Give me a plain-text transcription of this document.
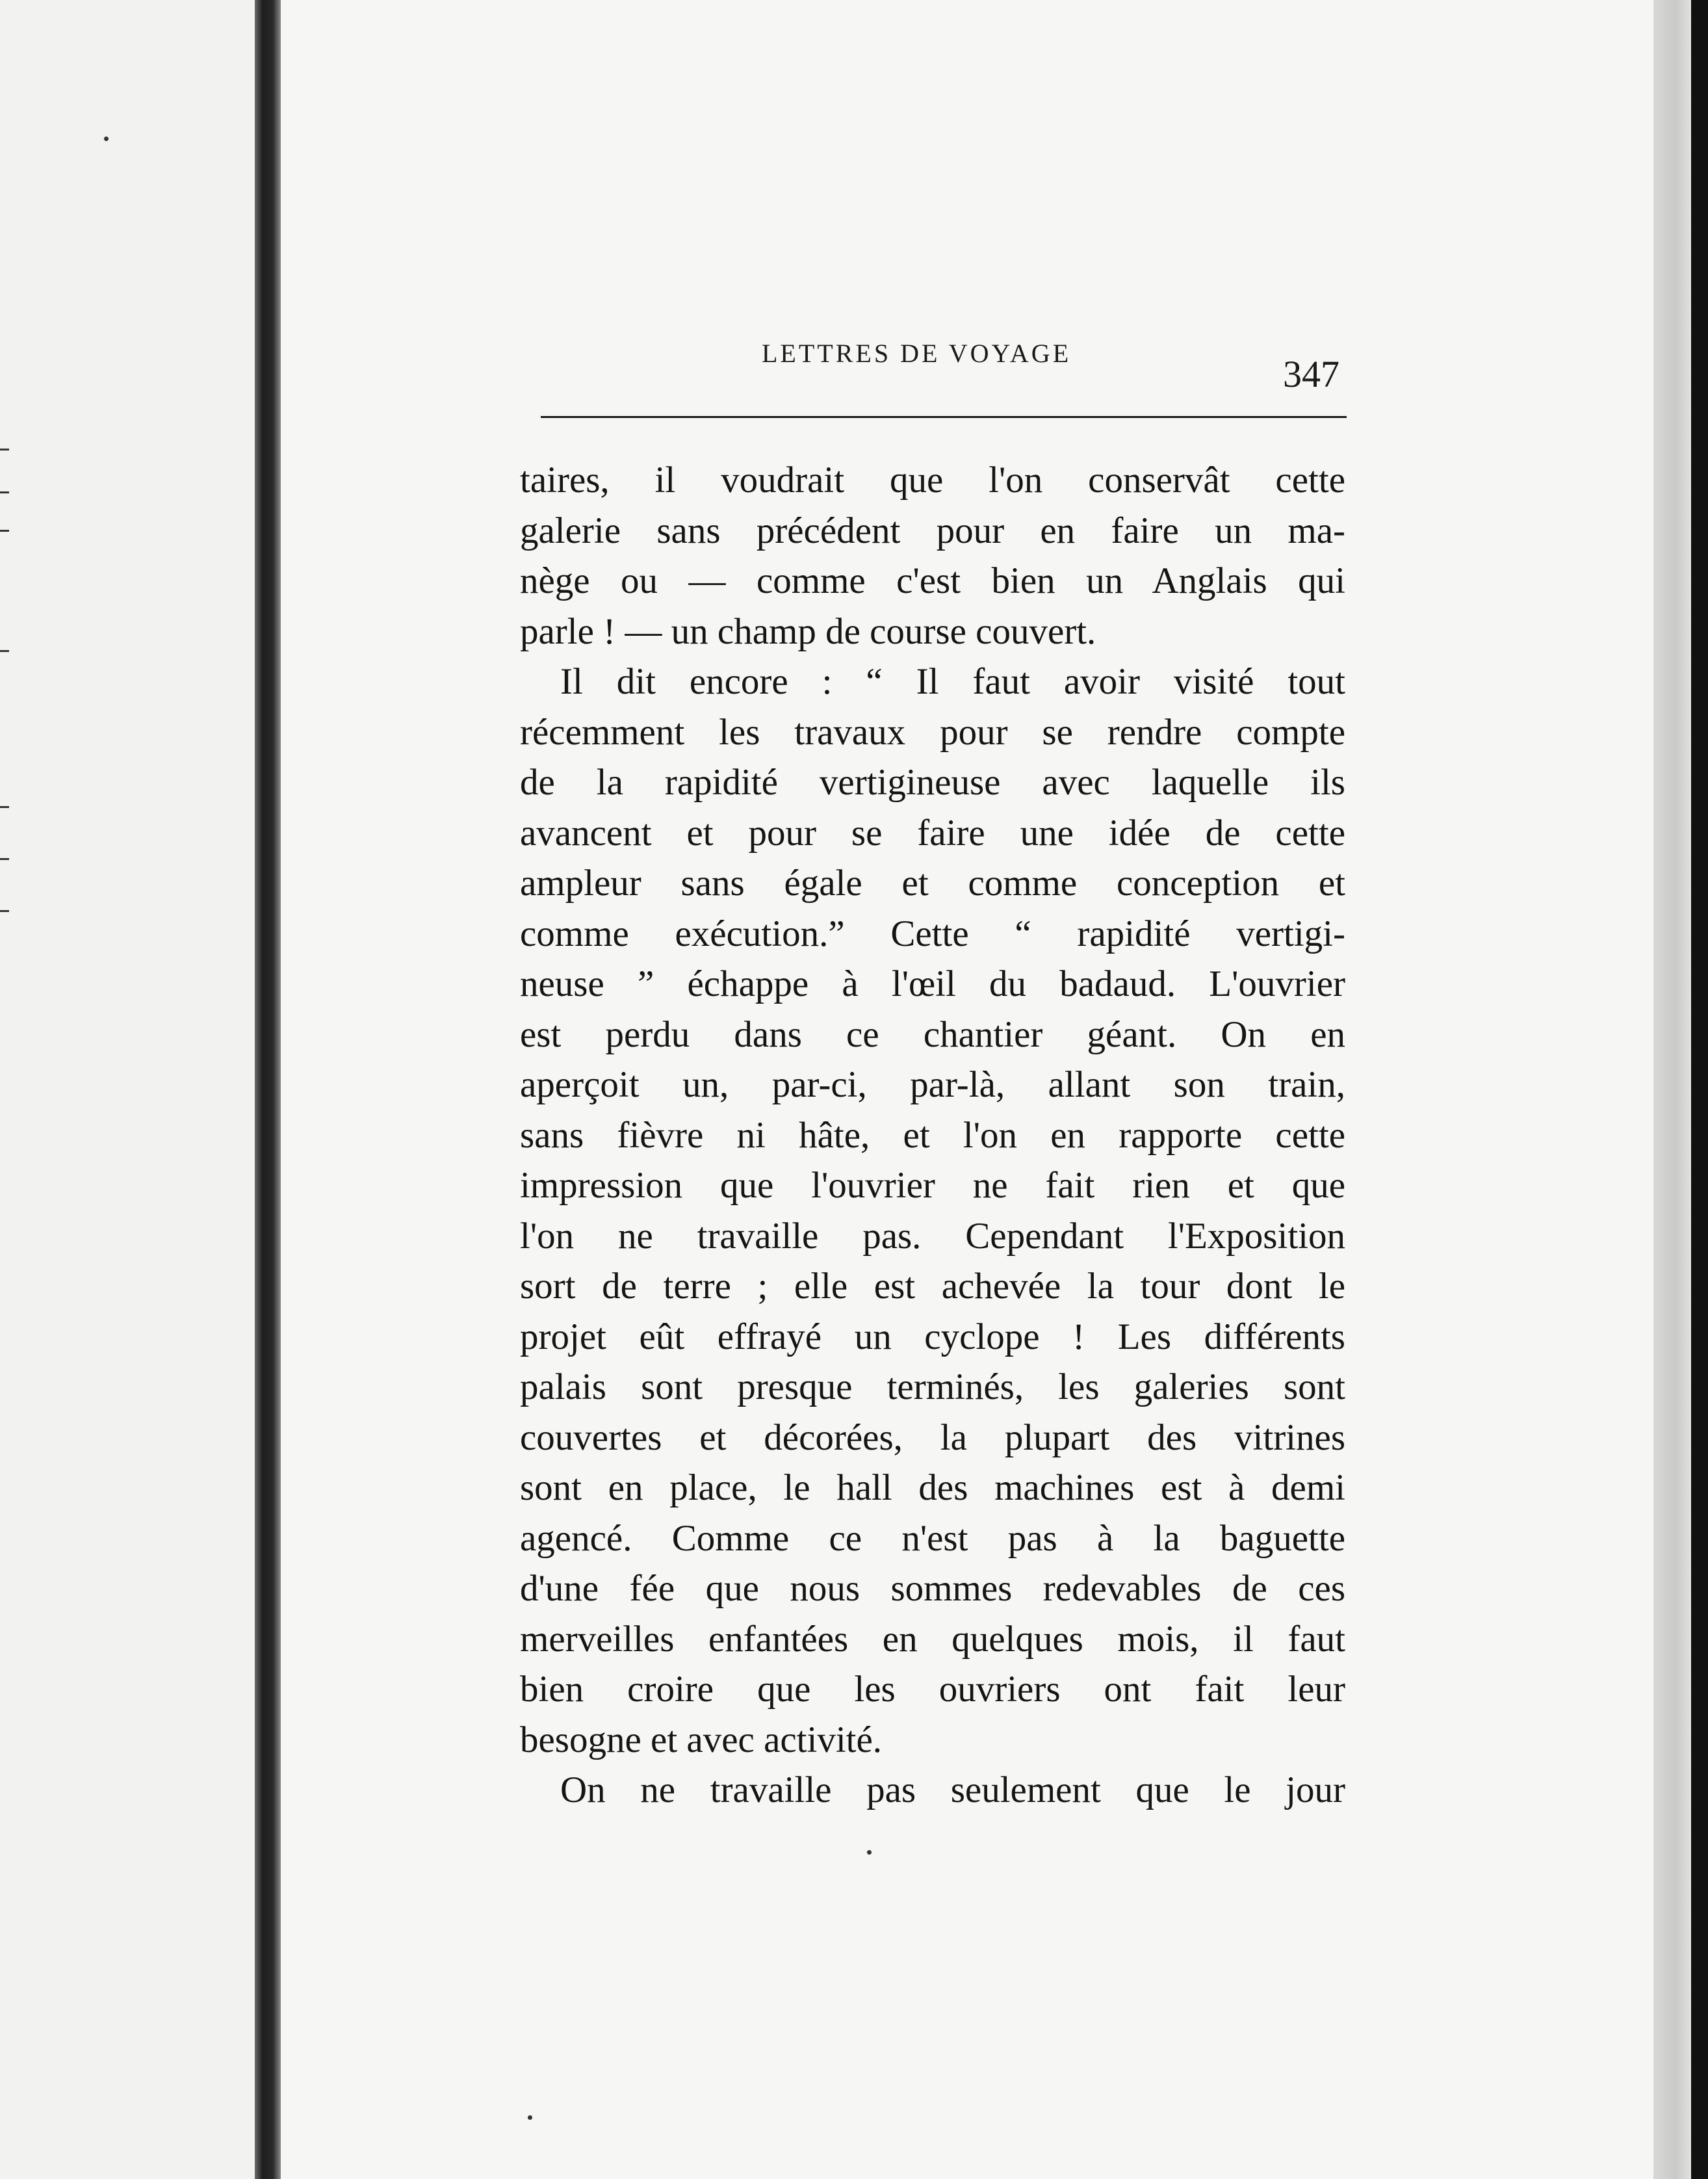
LETTRES DE VOYAGE	347
taires, il voudrait que l'on conservât cette
galerie sans précédent pour en faire un ma-
nège ou — comme c'est bien un Anglais qui
parle ! — un champ de course couvert.
Il dit encore : “ Il faut avoir visité tout
récemment les travaux pour se rendre compte
de la rapidité vertigineuse avec laquelle ils
avancent et pour se faire une idée de cette
ampleur sans égale et comme conception et
comme exécution.” Cette “ rapidité vertigi-
neuse ” échappe à l'œil du badaud. L'ouvrier
est perdu dans ce chantier géant. On en
aperçoit un, par-ci, par-là, allant son train,
sans fièvre ni hâte, et l'on en rapporte cette
impression que l'ouvrier ne fait rien et que
l'on ne travaille pas. Cependant l'Exposition
sort de terre ; elle est achevée la tour dont le
projet eût effrayé un cyclope ! Les différents
palais sont presque terminés, les galeries sont
couvertes et décorées, la plupart des vitrines
sont en place, le hall des machines est à demi
agencé. Comme ce n'est pas à la baguette
d'une fée que nous sommes redevables de ces
merveilles enfantées en quelques mois, il faut
bien croire que les ouvriers ont fait leur
besogne et avec activité.
On ne travaille pas seulement que le jour
